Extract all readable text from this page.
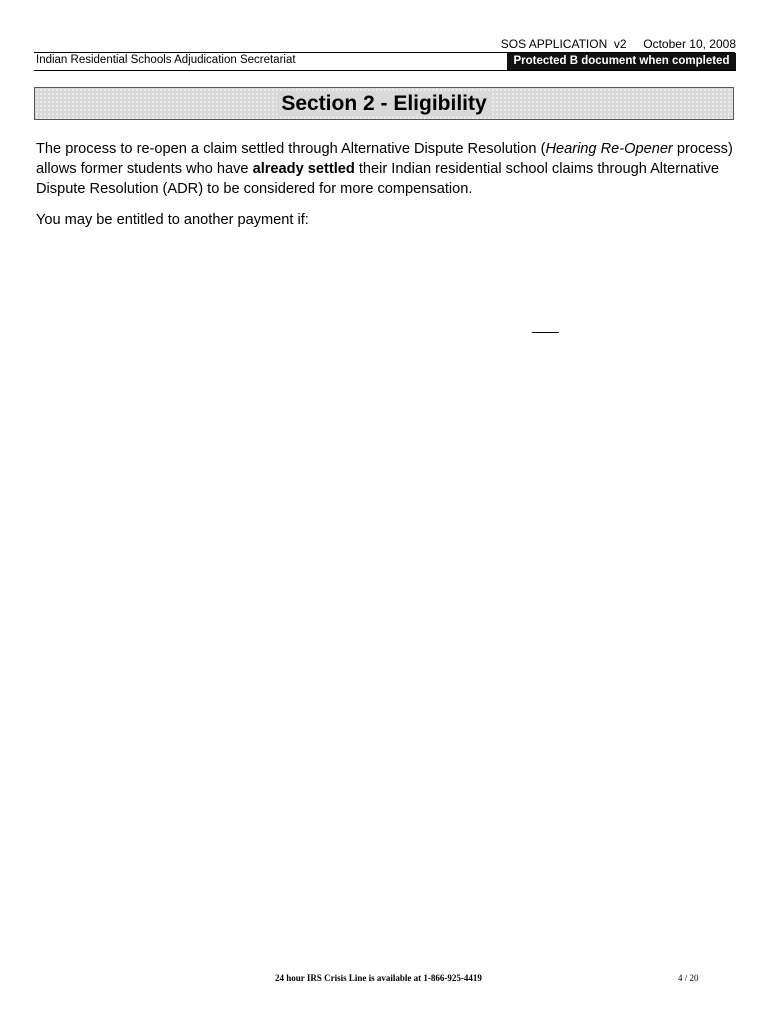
SOS APPLICATION  v2 October 10, 2008
Indian Residential Schools Adjudication Secretariat	Protected B document when completed
Section 2 - Eligibility

The process to re-open a claim settled through Alternative Dispute Resolution (Hearing Re-Opener process) allows former students who have already settled their Indian residential school claims through Alternative Dispute Resolution (ADR) to be considered for more compensation.

You may be entitled to another payment if:
24 hour IRS Crisis Line is available at 1-866-925-4419	4 / 20
